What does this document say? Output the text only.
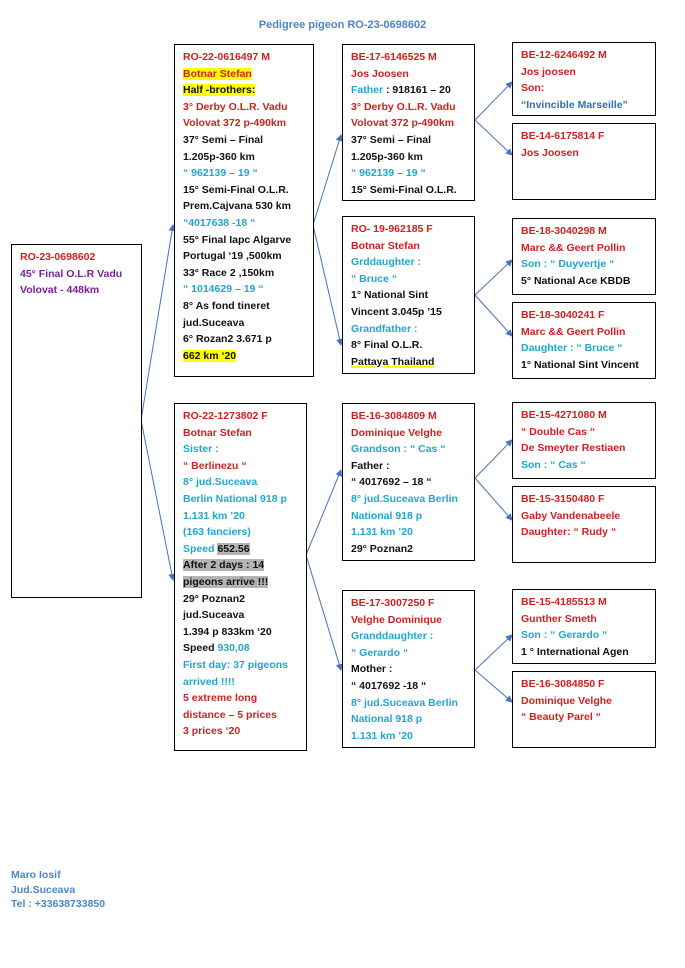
Pedigree pigeon RO-23-0698602
RO-23-0698602
45° Final O.L.R Vadu
Volovat - 448km
RO-22-0616497 M
Botnar Stefan
Half -brothers:
3° Derby O.L.R. Vadu
Volovat 372 p-490km
37° Semi – Final
1.205p-360 km
“ 962139 – 19 “
15° Semi-Final O.L.R.
Prem.Cajvana 530 km
“4017638 -18 “
55° Final Iapc Algarve
Portugal ‘19 ,500km
33° Race 2 ,150km
“ 1014629 – 19 “
8° As fond tineret
jud.Suceava
6° Rozan2 3.671 p
662 km ‘20
RO-22-1273802 F
Botnar Stefan
Sister :
“ Berlinezu “
8° jud.Suceava
Berlin National 918 p
1.131 km ’20
(163 fanciers)
Speed 652.56
After 2 days : 14
pigeons arrive !!!
29° Poznan2
jud.Suceava
1.394 p 833km ‘20
Speed 930,08
First day: 37 pigeons
arrived !!!!
5 extreme long
distance – 5 prices
3 prices ‘20
BE-17-6146525 M
Jos Joosen
Father : 918161 – 20
3° Derby O.L.R. Vadu
Volovat 372 p-490km
37° Semi – Final
1.205p-360 km
“ 962139 – 19 “
15° Semi-Final O.L.R.
RO- 19-962185 F
Botnar Stefan
Grddaughter :
“ Bruce “
1° National Sint
Vincent 3.045p ’15
Grandfather :
8° Final O.L.R.
Pattaya Thailand
BE-16-3084809 M
Dominique Velghe
Grandson : “ Cas “
Father :
“ 4017692 – 18 “
8° jud.Suceava Berlin
National 918 p
1.131 km ’20
29° Poznan2
BE-17-3007250 F
Velghe Dominique
Granddaughter :
“ Gerardo “
Mother :
“ 4017692 -18 “
8° jud.Suceava Berlin
National 918 p
1.131 km ’20
BE-12-6246492 M
Jos joosen
Son:
“Invincible Marseille”
BE-14-6175814 F
Jos Joosen
BE-18-3040298 M
Marc && Geert Pollin
Son : “ Duyvertje “
5° National Ace KBDB
BE-18-3040241 F
Marc && Geert Pollin
Daughter : “ Bruce “
1° National Sint Vincent
BE-15-4271080 M
“ Double Cas “
De Smeyter Restiaen
Son : “ Cas “
BE-15-3150480 F
Gaby Vandenabeele
Daughter: “ Rudy “
BE-15-4185513 M
Gunther Smeth
Son : “ Gerardo “
1 ° International Agen
BE-16-3084850 F
Dominique Velghe
“ Beauty Parel “
Maro Iosif
Jud.Suceava
Tel : +33638733850
